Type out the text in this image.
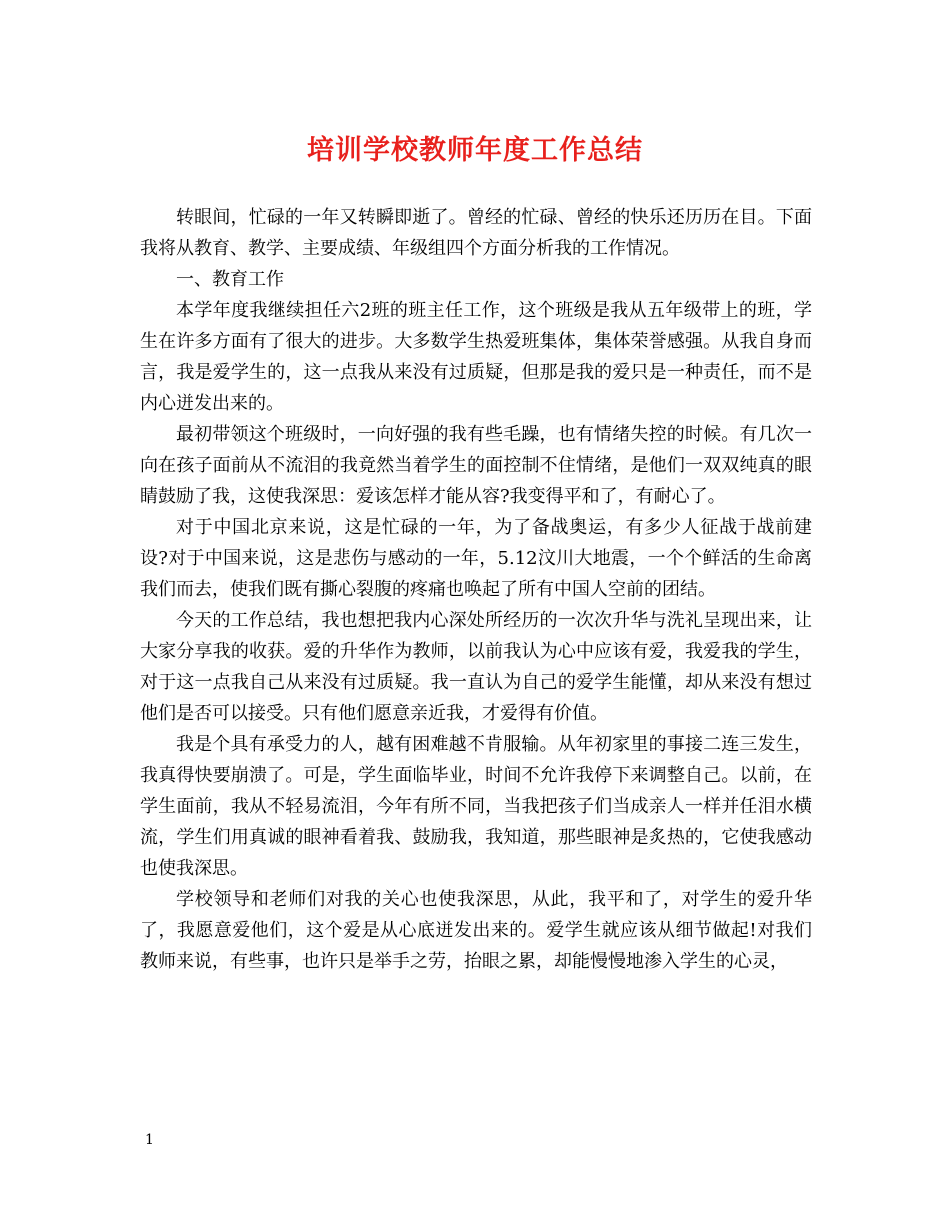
培训学校教师年度工作总结

转眼间，忙碌的一年又转瞬即逝了。曾经的忙碌、曾经的快乐还历历在目。下面我将从教育、教学、主要成绩、年级组四个方面分析我的工作情况。

一、教育工作

本学年度我继续担任六2班的班主任工作，这个班级是我从五年级带上的班，学生在许多方面有了很大的进步。大多数学生热爱班集体，集体荣誉感强。从我自身而言，我是爱学生的，这一点我从来没有过质疑，但那是我的爱只是一种责任，而不是内心迸发出来的。

最初带领这个班级时，一向好强的我有些毛躁，也有情绪失控的时候。有几次一向在孩子面前从不流泪的我竟然当着学生的面控制不住情绪，是他们一双双纯真的眼睛鼓励了我，这使我深思：爱该怎样才能从容?我变得平和了，有耐心了。

对于中国北京来说，这是忙碌的一年，为了备战奥运，有多少人征战于战前建设?对于中国来说，这是悲伤与感动的一年，5.12汶川大地震，一个个鲜活的生命离我们而去，使我们既有撕心裂腹的疼痛也唤起了所有中国人空前的团结。

今天的工作总结，我也想把我内心深处所经历的一次次升华与洗礼呈现出来，让大家分享我的收获。爱的升华作为教师，以前我认为心中应该有爱，我爱我的学生，对于这一点我自己从来没有过质疑。我一直认为自己的爱学生能懂，却从来没有想过他们是否可以接受。只有他们愿意亲近我，才爱得有价值。

我是个具有承受力的人，越有困难越不肯服输。从年初家里的事接二连三发生，我真得快要崩溃了。可是，学生面临毕业，时间不允许我停下来调整自己。以前，在学生面前，我从不轻易流泪，今年有所不同，当我把孩子们当成亲人一样并任泪水横流，学生们用真诚的眼神看着我、鼓励我，我知道，那些眼神是炙热的，它使我感动也使我深思。

学校领导和老师们对我的关心也使我深思，从此，我平和了，对学生的爱升华了，我愿意爱他们，这个爱是从心底迸发出来的。爱学生就应该从细节做起!对我们教师来说，有些事，也许只是举手之劳，抬眼之累，却能慢慢地渗入学生的心灵，

1
